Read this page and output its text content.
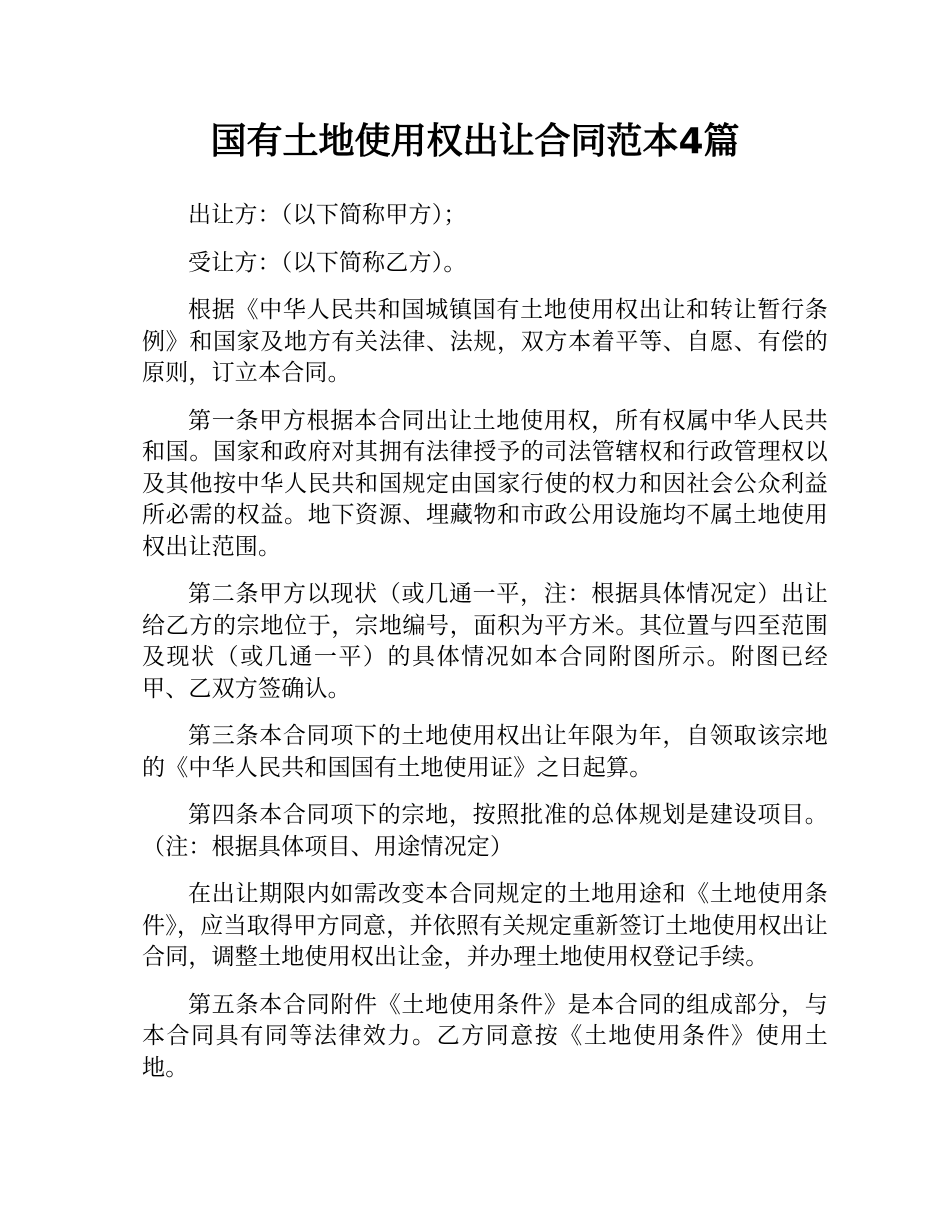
国有土地使用权出让合同范本4篇

出让方：（以下简称甲方）；

受让方：（以下简称乙方）。

根据《中华人民共和国城镇国有土地使用权出让和转让暂行条例》和国家及地方有关法律、法规，双方本着平等、自愿、有偿的原则，订立本合同。

第一条甲方根据本合同出让土地使用权，所有权属中华人民共和国。国家和政府对其拥有法律授予的司法管辖权和行政管理权以及其他按中华人民共和国规定由国家行使的权力和因社会公众利益所必需的权益。地下资源、埋藏物和市政公用设施均不属土地使用权出让范围。

第二条甲方以现状（或几通一平，注：根据具体情况定）出让给乙方的宗地位于，宗地编号，面积为平方米。其位置与四至范围及现状（或几通一平）的具体情况如本合同附图所示。附图已经甲、乙双方签确认。

第三条本合同项下的土地使用权出让年限为年，自领取该宗地的《中华人民共和国国有土地使用证》之日起算。

第四条本合同项下的宗地，按照批准的总体规划是建设项目。（注：根据具体项目、用途情况定）

在出让期限内如需改变本合同规定的土地用途和《土地使用条件》，应当取得甲方同意，并依照有关规定重新签订土地使用权出让合同，调整土地使用权出让金，并办理土地使用权登记手续。

第五条本合同附件《土地使用条件》是本合同的组成部分，与本合同具有同等法律效力。乙方同意按《土地使用条件》使用土地。
